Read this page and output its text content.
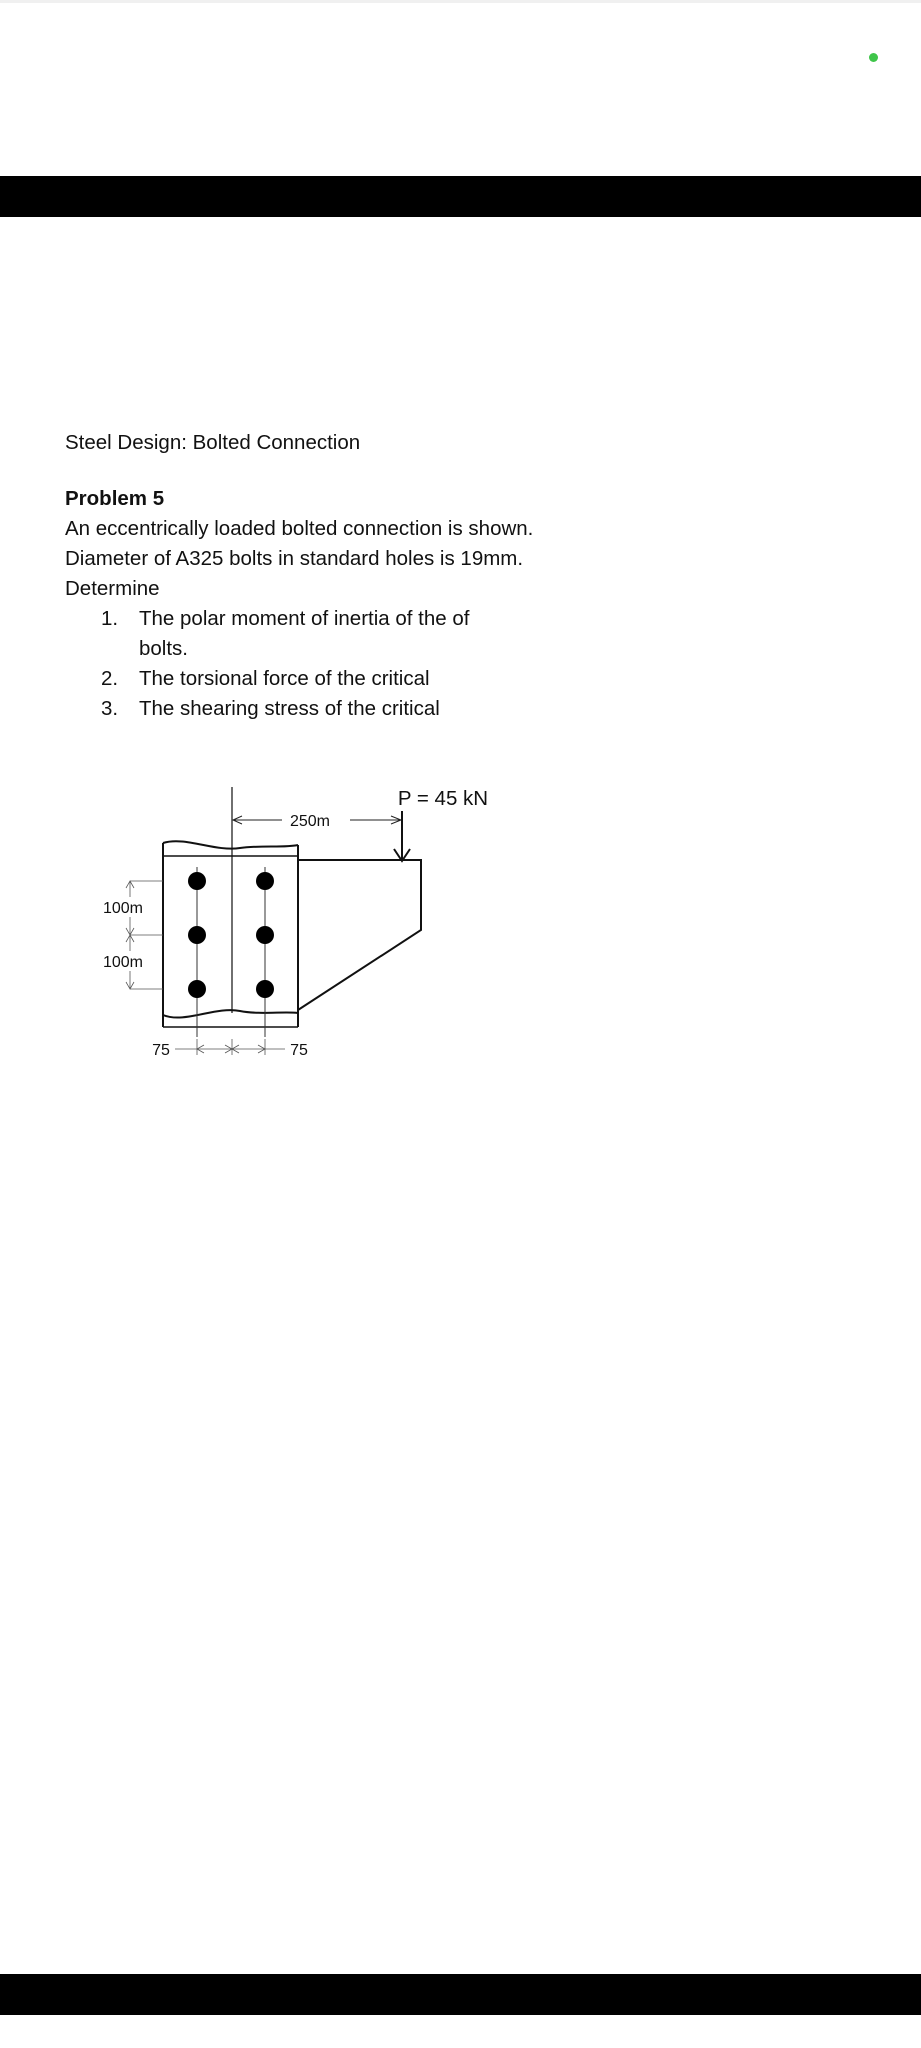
Steel Design: Bolted Connection

Problem 5

An eccentrically loaded bolted connection is shown. Diameter of A325 bolts in standard holes is 19mm. Determine

1. The polar moment of inertia of the of bolts.
2. The torsional force of the critical
3. The shearing stress of the critical
P = 45 kN
250m
100m
100m
75	75
